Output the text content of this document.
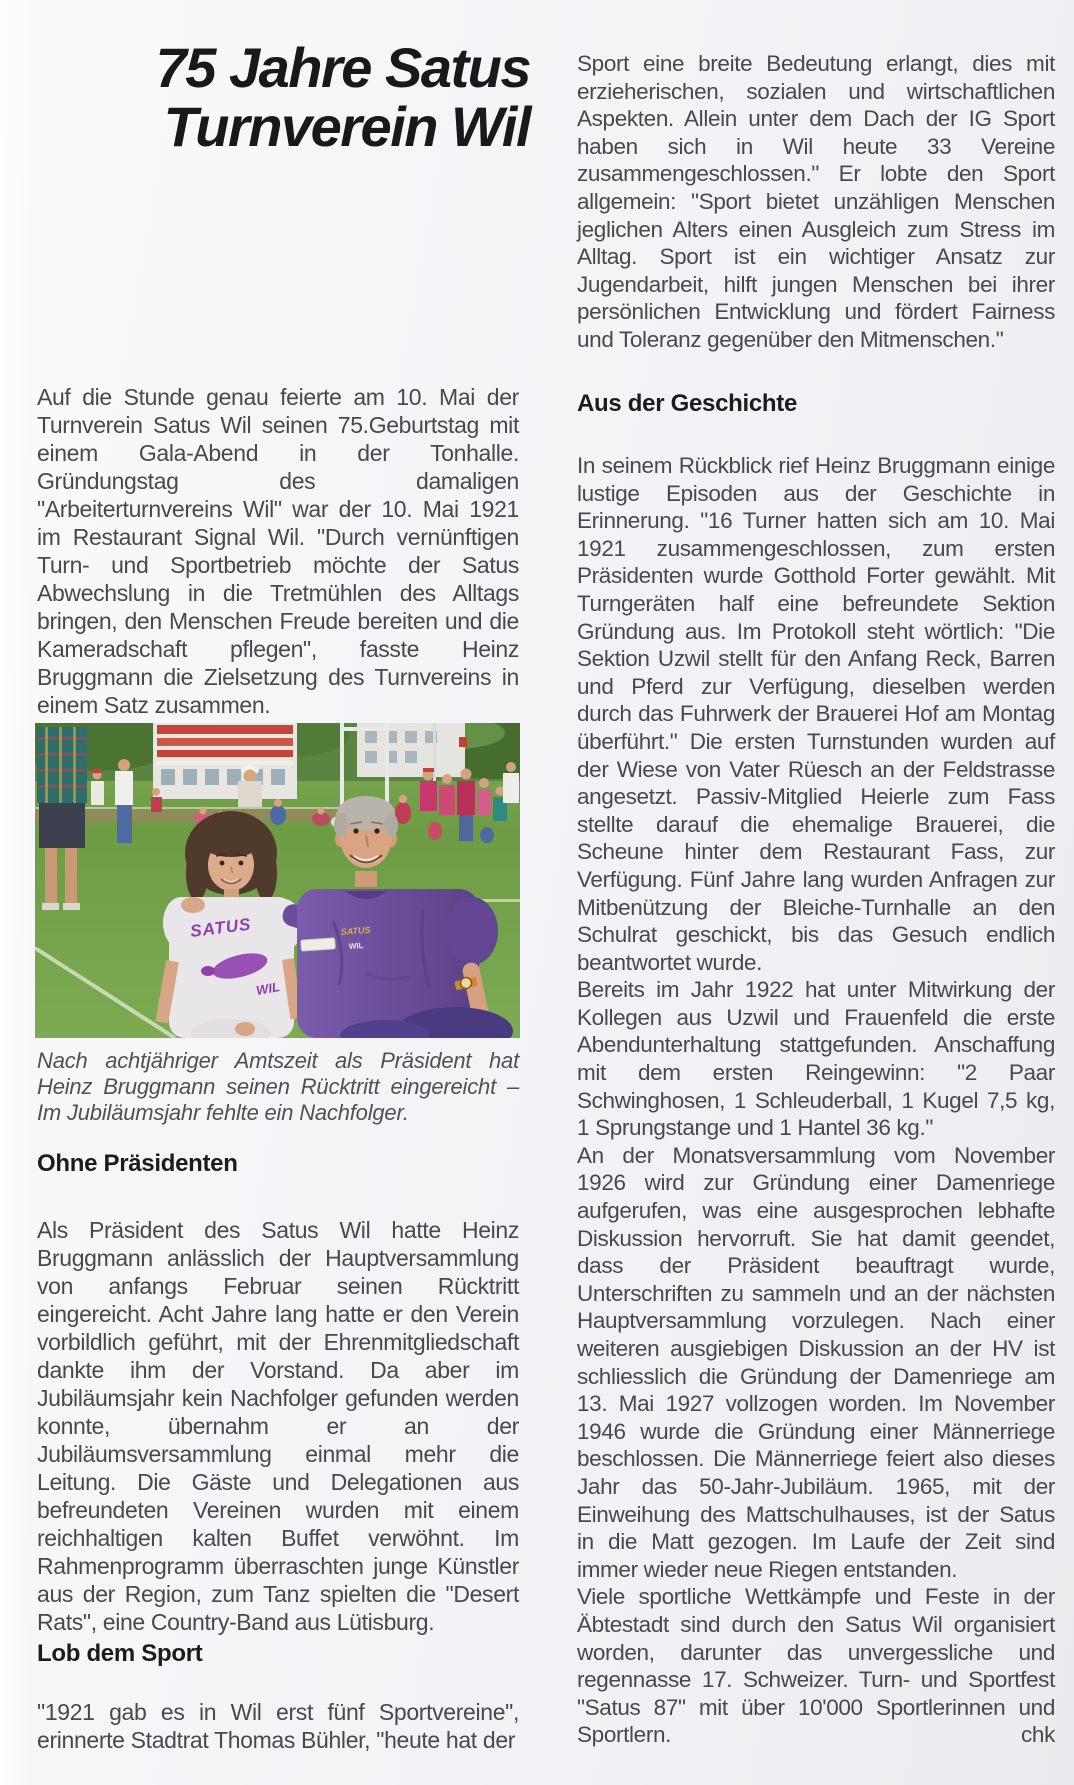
75 Jahre Satus
Turnverein Wil

Auf die Stunde genau feierte am 10. Mai der Turnverein Satus Wil seinen 75.Geburtstag mit einem Gala-Abend in der Tonhalle. Gründungstag des damaligen "Arbeiterturnvereins Wil" war der 10. Mai 1921 im Restaurant Signal Wil. "Durch vernünftigen Turn- und Sportbetrieb möchte der Satus Abwechslung in die Tretmühlen des Alltags bringen, den Menschen Freude bereiten und die Kameradschaft pflegen", fasste Heinz Bruggmann die Zielsetzung des Turnvereins in einem Satz zusammen.

SATUS
WIL
SATUS
WIL

Nach achtjähriger Amtszeit als Präsident hat Heinz Bruggmann seinen Rücktritt eingereicht – Im Jubiläumsjahr fehlte ein Nachfolger.

Ohne Präsidenten

Als Präsident des Satus Wil hatte Heinz Bruggmann anlässlich der Hauptversammlung von anfangs Februar seinen Rücktritt eingereicht. Acht Jahre lang hatte er den Verein vorbildlich geführt, mit der Ehrenmitgliedschaft dankte ihm der Vorstand. Da aber im Jubiläumsjahr kein Nachfolger gefunden werden konnte, übernahm er an der Jubiläumsversammlung einmal mehr die Leitung. Die Gäste und Delegationen aus befreundeten Vereinen wurden mit einem reichhaltigen kalten Buffet verwöhnt. Im Rahmenprogramm überraschten junge Künstler aus der Region, zum Tanz spielten die "Desert Rats", eine Country-Band aus Lütisburg.

Lob dem Sport

"1921 gab es in Wil erst fünf Sportvereine", erinnerte Stadtrat Thomas Bühler, "heute hat der

Sport eine breite Bedeutung erlangt, dies mit erzieherischen, sozialen und wirtschaftlichen Aspekten. Allein unter dem Dach der IG Sport haben sich in Wil heute 33 Vereine zusammengeschlossen." Er lobte den Sport allgemein: "Sport bietet unzähligen Menschen jeglichen Alters einen Ausgleich zum Stress im Alltag. Sport ist ein wichtiger Ansatz zur Jugendarbeit, hilft jungen Menschen bei ihrer persönlichen Entwicklung und fördert Fairness und Toleranz gegenüber den Mitmenschen."

Aus der Geschichte

In seinem Rückblick rief Heinz Bruggmann einige lustige Episoden aus der Geschichte in Erinnerung. "16 Turner hatten sich am 10. Mai 1921 zusammengeschlossen, zum ersten Präsidenten wurde Gotthold Forter gewählt. Mit Turngeräten half eine befreundete Sektion Gründung aus. Im Protokoll steht wörtlich: "Die Sektion Uzwil stellt für den Anfang Reck, Barren und Pferd zur Verfügung, dieselben werden durch das Fuhrwerk der Brauerei Hof am Montag überführt." Die ersten Turnstunden wurden auf der Wiese von Vater Rüesch an der Feldstrasse angesetzt. Passiv-Mitglied Heierle zum Fass stellte darauf die ehemalige Brauerei, die Scheune hinter dem Restaurant Fass, zur Verfügung. Fünf Jahre lang wurden Anfragen zur Mitbenützung der Bleiche-Turnhalle an den Schulrat geschickt, bis das Gesuch endlich beantwortet wurde.

Bereits im Jahr 1922 hat unter Mitwirkung der Kollegen aus Uzwil und Frauenfeld die erste Abendunterhaltung stattgefunden. Anschaffung mit dem ersten Reingewinn: "2 Paar Schwinghosen, 1 Schleuderball, 1 Kugel 7,5 kg, 1 Sprungstange und 1 Hantel 36 kg."

An der Monatsversammlung vom November 1926 wird zur Gründung einer Damenriege aufgerufen, was eine ausgesprochen lebhafte Diskussion hervorruft. Sie hat damit geendet, dass der Präsident beauftragt wurde, Unterschriften zu sammeln und an der nächsten Hauptversammlung vorzulegen. Nach einer weiteren ausgiebigen Diskussion an der HV ist schliesslich die Gründung der Damenriege am 13. Mai 1927 vollzogen worden. Im November 1946 wurde die Gründung einer Männerriege beschlossen. Die Männerriege feiert also dieses Jahr das 50-Jahr-Jubiläum. 1965, mit der Einweihung des Mattschulhauses, ist der Satus in die Matt gezogen. Im Laufe der Zeit sind immer wieder neue Riegen entstanden.

Viele sportliche Wettkämpfe und Feste in der Äbtestadt sind durch den Satus Wil organisiert worden, darunter das unvergessliche und regennasse 17. Schweizer. Turn- und Sportfest "Satus 87" mit über 10'000 Sportlerinnen und Sportlern.	chk
